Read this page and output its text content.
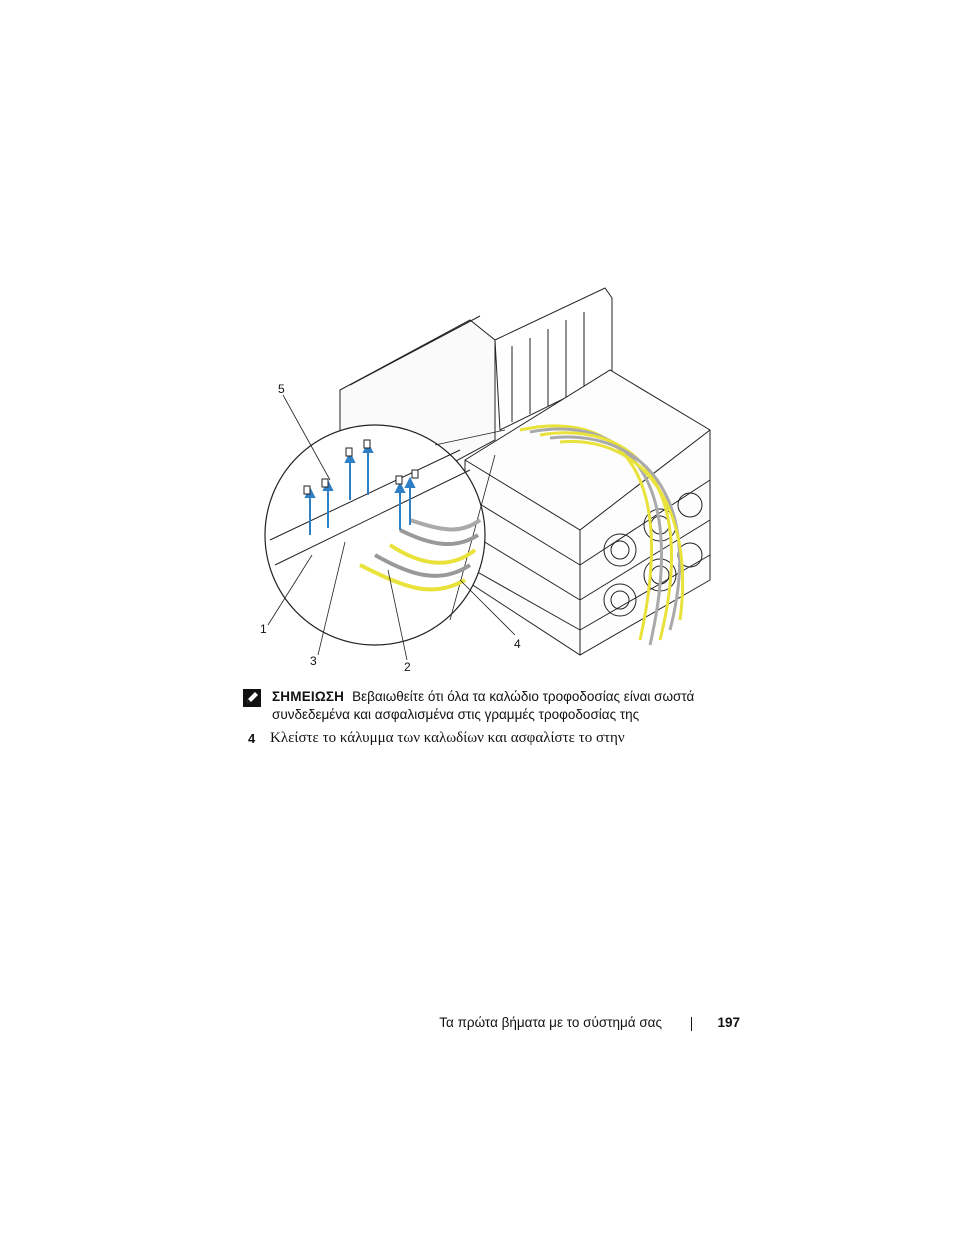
5
1
3	2
4
ΣΗΜΕΙΩΣΗ Βεβαιωθείτε ότι όλα τα καλώδιο τροφοδοσίας είναι σωστά συνδεδεμένα και ασφαλισμένα στις γραμμές τροφοδοσίας της
4 Κλείστε το κάλυμμα των καλωδίων και ασφαλίστε το στην
Τα πρώτα βήματα με το σύστημά σας	197
